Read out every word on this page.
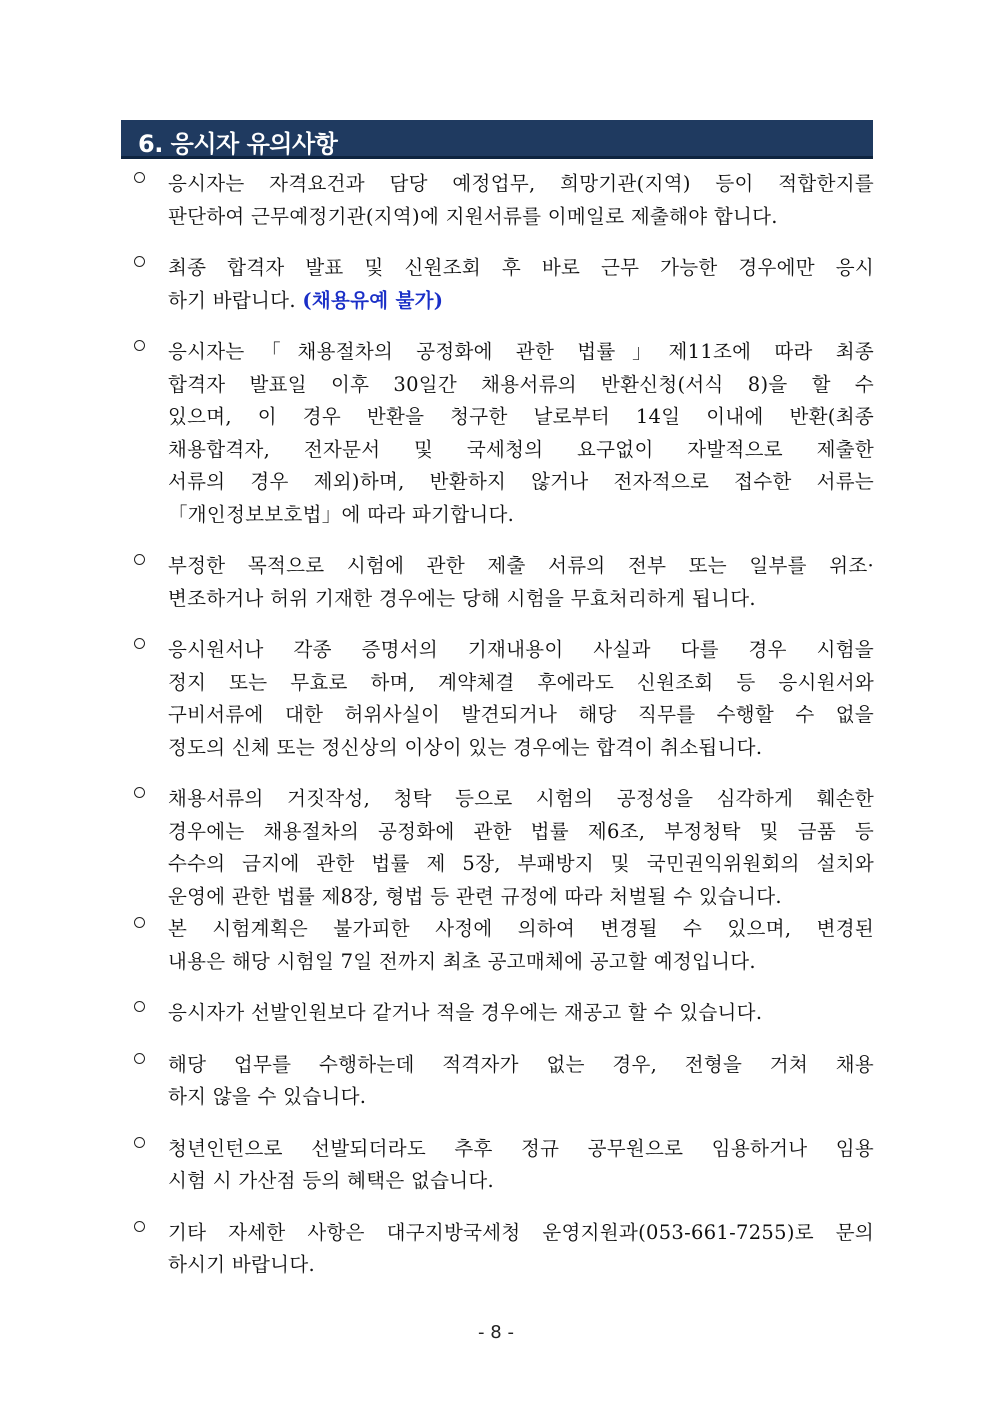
6. 응시자 유의사항
응시자는 자격요건과 담당 예정업무, 희망기관(지역) 등이 적합한지를
판단하여 근무예정기관(지역)에 지원서류를 이메일로 제출해야 합니다.
최종 합격자 발표 및 신원조회 후 바로 근무 가능한 경우에만 응시
하기 바랍니다. (채용유예 불가)
응시자는「채용절차의 공정화에 관한 법률」제11조에 따라 최종
합격자 발표일 이후 30일간 채용서류의 반환신청(서식 8)을 할 수
있으며, 이 경우 반환을 청구한 날로부터 14일 이내에 반환(최종
채용합격자, 전자문서 및 국세청의 요구없이 자발적으로 제출한
서류의 경우 제외)하며, 반환하지 않거나 전자적으로 접수한 서류는
「개인정보보호법」에 따라 파기합니다.
부정한 목적으로 시험에 관한 제출 서류의 전부 또는 일부를 위조·
변조하거나 허위 기재한 경우에는 당해 시험을 무효처리하게 됩니다.
응시원서나 각종 증명서의 기재내용이 사실과 다를 경우 시험을
정지 또는 무효로 하며, 계약체결 후에라도 신원조회 등 응시원서와
구비서류에 대한 허위사실이 발견되거나 해당 직무를 수행할 수 없을
정도의 신체 또는 정신상의 이상이 있는 경우에는 합격이 취소됩니다.
채용서류의 거짓작성, 청탁 등으로 시험의 공정성을 심각하게 훼손한
경우에는 채용절차의 공정화에 관한 법률 제6조, 부정청탁 및 금품 등
수수의 금지에 관한 법률 제 5장, 부패방지 및 국민권익위원회의 설치와
운영에 관한 법률 제8장, 형법 등 관련 규정에 따라 처벌될 수 있습니다.
본 시험계획은 불가피한 사정에 의하여 변경될 수 있으며, 변경된
내용은 해당 시험일 7일 전까지 최초 공고매체에 공고할 예정입니다.
응시자가 선발인원보다 같거나 적을 경우에는 재공고 할 수 있습니다.
해당 업무를 수행하는데 적격자가 없는 경우, 전형을 거쳐 채용
하지 않을 수 있습니다.
청년인턴으로 선발되더라도 추후 정규 공무원으로 임용하거나 임용
시험 시 가산점 등의 혜택은 없습니다.
기타 자세한 사항은 대구지방국세청 운영지원과(053-661-7255)로 문의
하시기 바랍니다.
- 8 -
